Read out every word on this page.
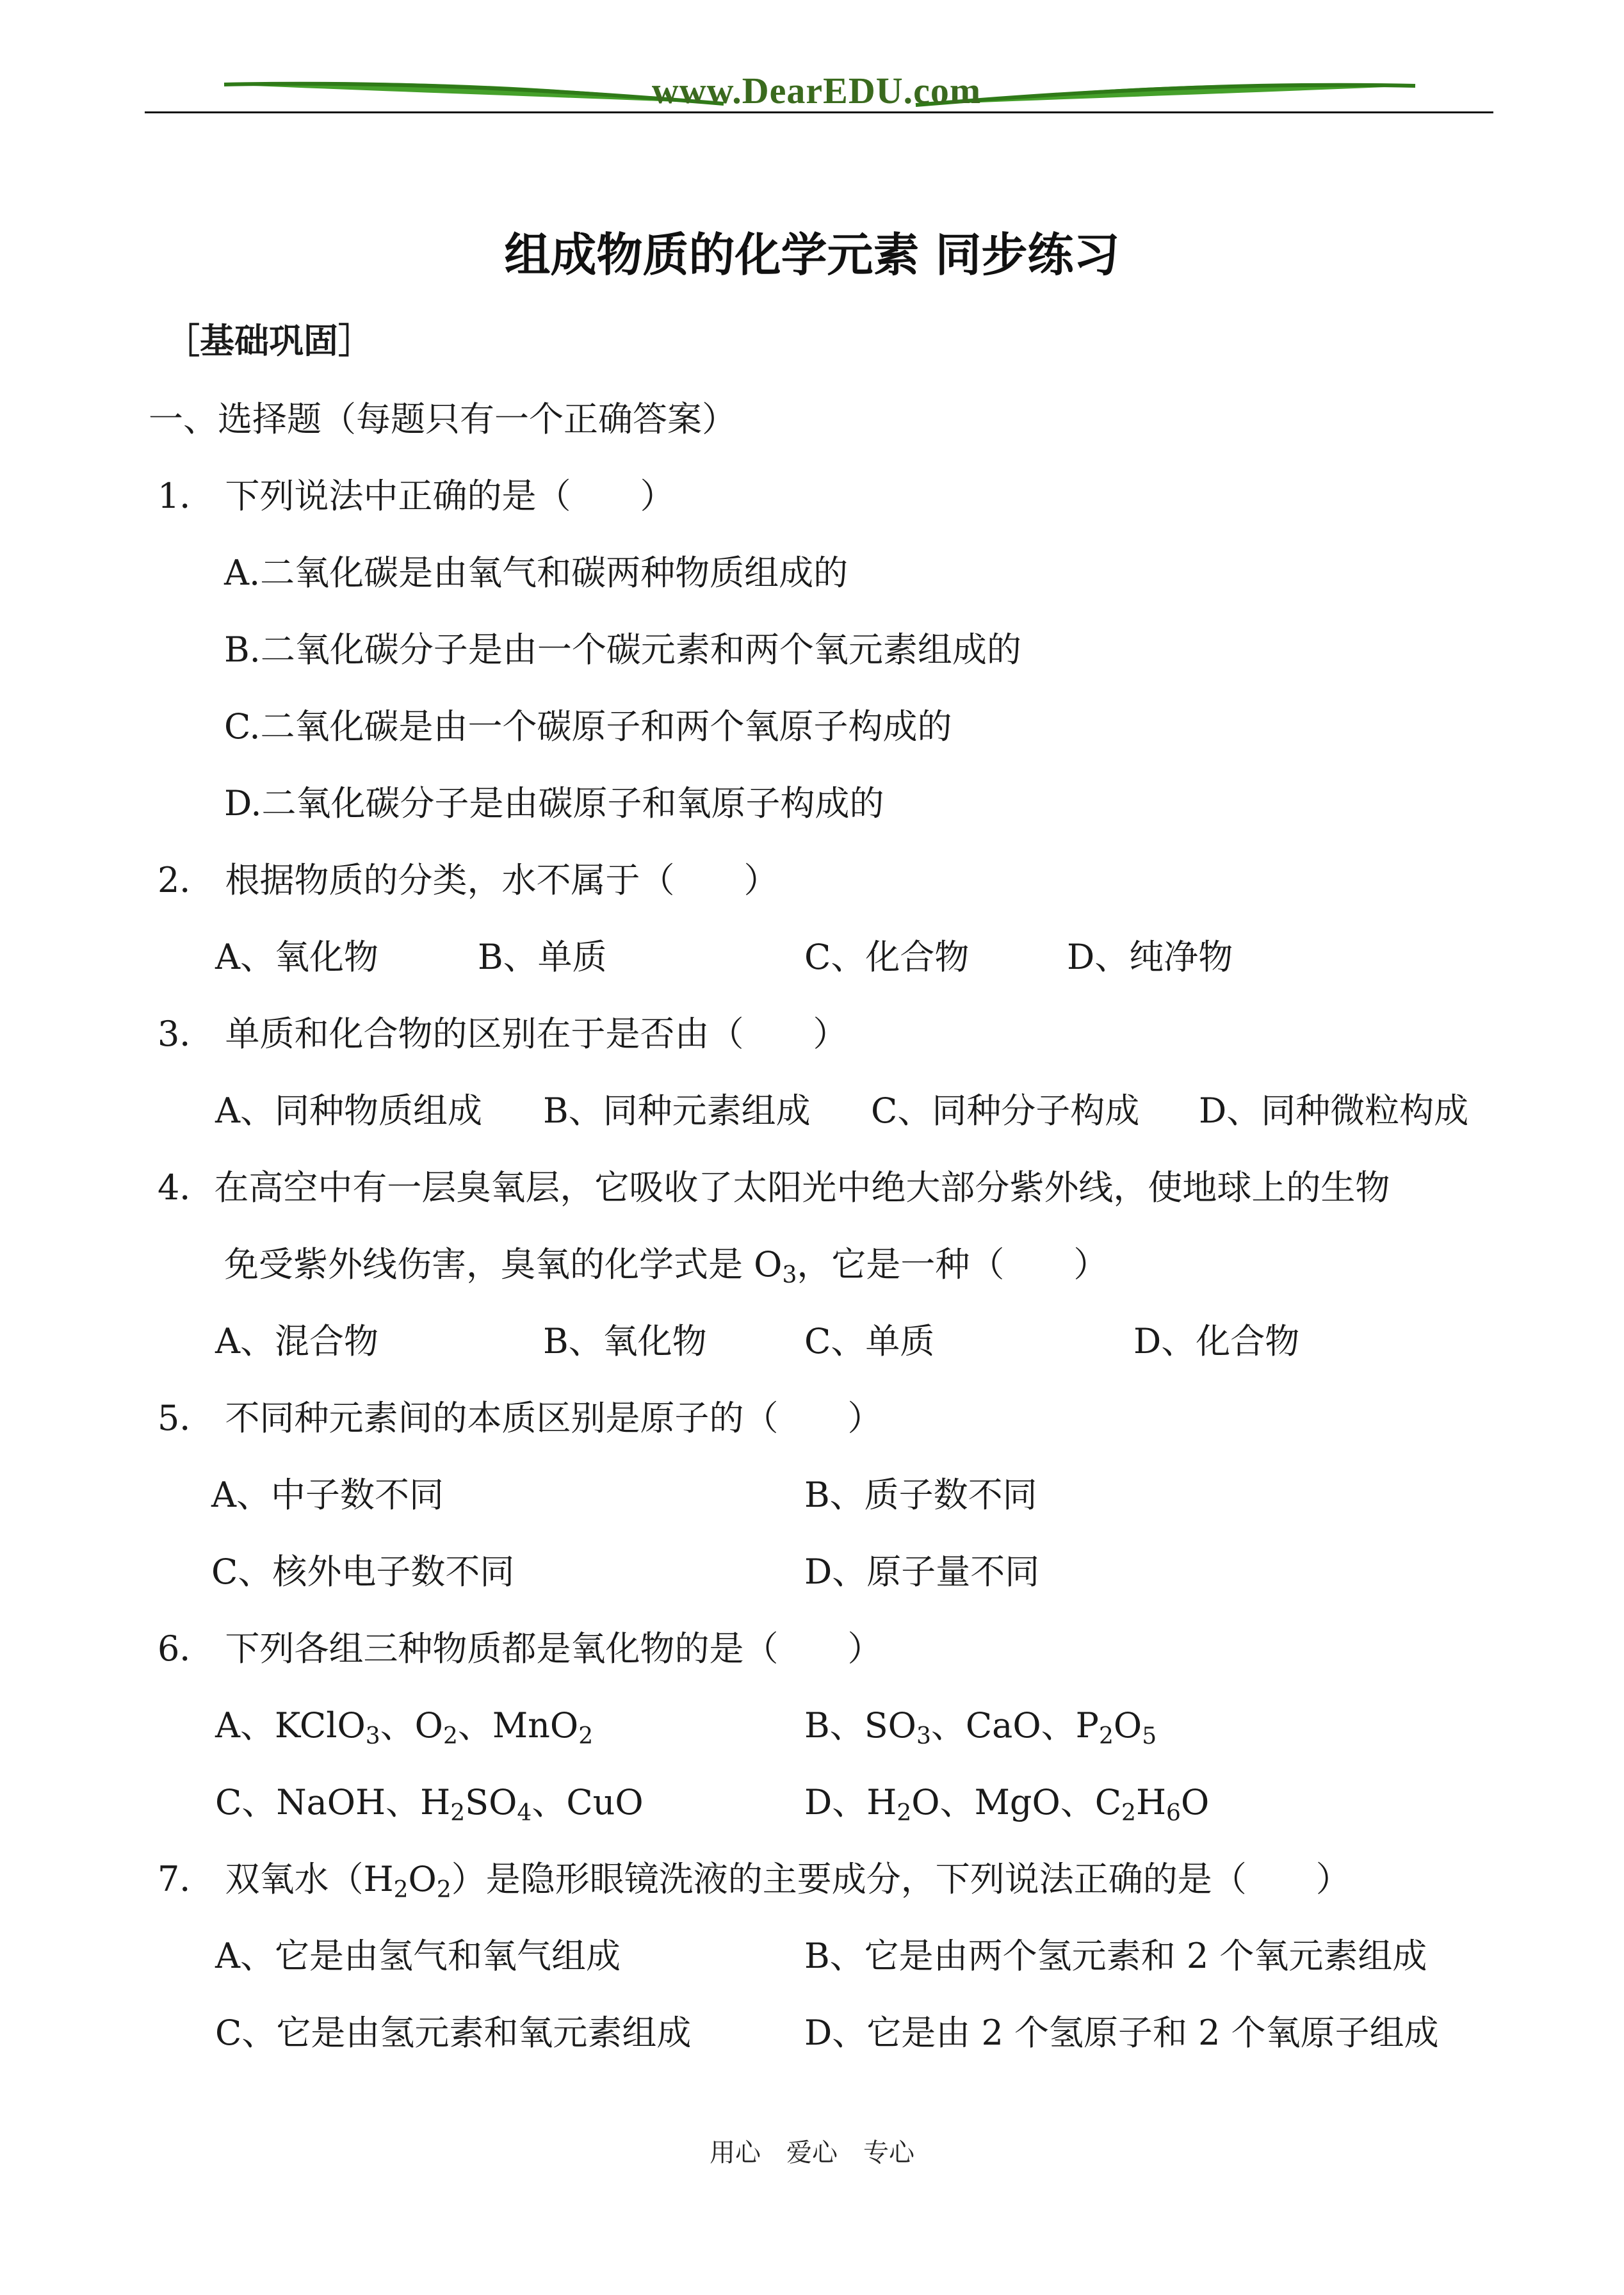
www.DearEDU.com
组成物质的化学元素 同步练习
［基础巩固］
一、选择题（每题只有一个正确答案）
1． 下列说法中正确的是（　　）
A.二氧化碳是由氧气和碳两种物质组成的
B.二氧化碳分子是由一个碳元素和两个氧元素组成的
C.二氧化碳是由一个碳原子和两个氧原子构成的
D.二氧化碳分子是由碳原子和氧原子构成的
2． 根据物质的分类，水不属于（　　）
A、氧化物	B、单质	C、化合物	D、纯净物
3． 单质和化合物的区别在于是否由（　　）
A、同种物质组成 B、同种元素组成 C、同种分子构成 D、同种微粒构成
4．在高空中有一层臭氧层，它吸收了太阳光中绝大部分紫外线，使地球上的生物
免受紫外线伤害，臭氧的化学式是 $O_3$，它是一种（　　）
A、混合物	B、氧化物	C、单质	D、化合物
5． 不同种元素间的本质区别是原子的（　　）
A、中子数不同	B、质子数不同
C、核外电子数不同	D、原子量不同
6． 下列各组三种物质都是氧化物的是（　　）
A、KClO$_3$、$O_2$、MnO$_2$	B、$SO_3$、CaO、$P_2O_5$
C、NaOH、$H_2SO_4$、CuO	D、$H_2O$、MgO、$C_2H_6O$
7． 双氧水$(H_2O_2)$是隐形眼镜洗液的主要成分，下列说法正确的是（　　）
A、它是由氢气和氧气组成	B、它是由两个氢元素和 2 个氧元素组成
C、它是由氢元素和氧元素组成	D、它是由 2 个氢原子和 2 个氧原子组成
用心　爱心　专心
